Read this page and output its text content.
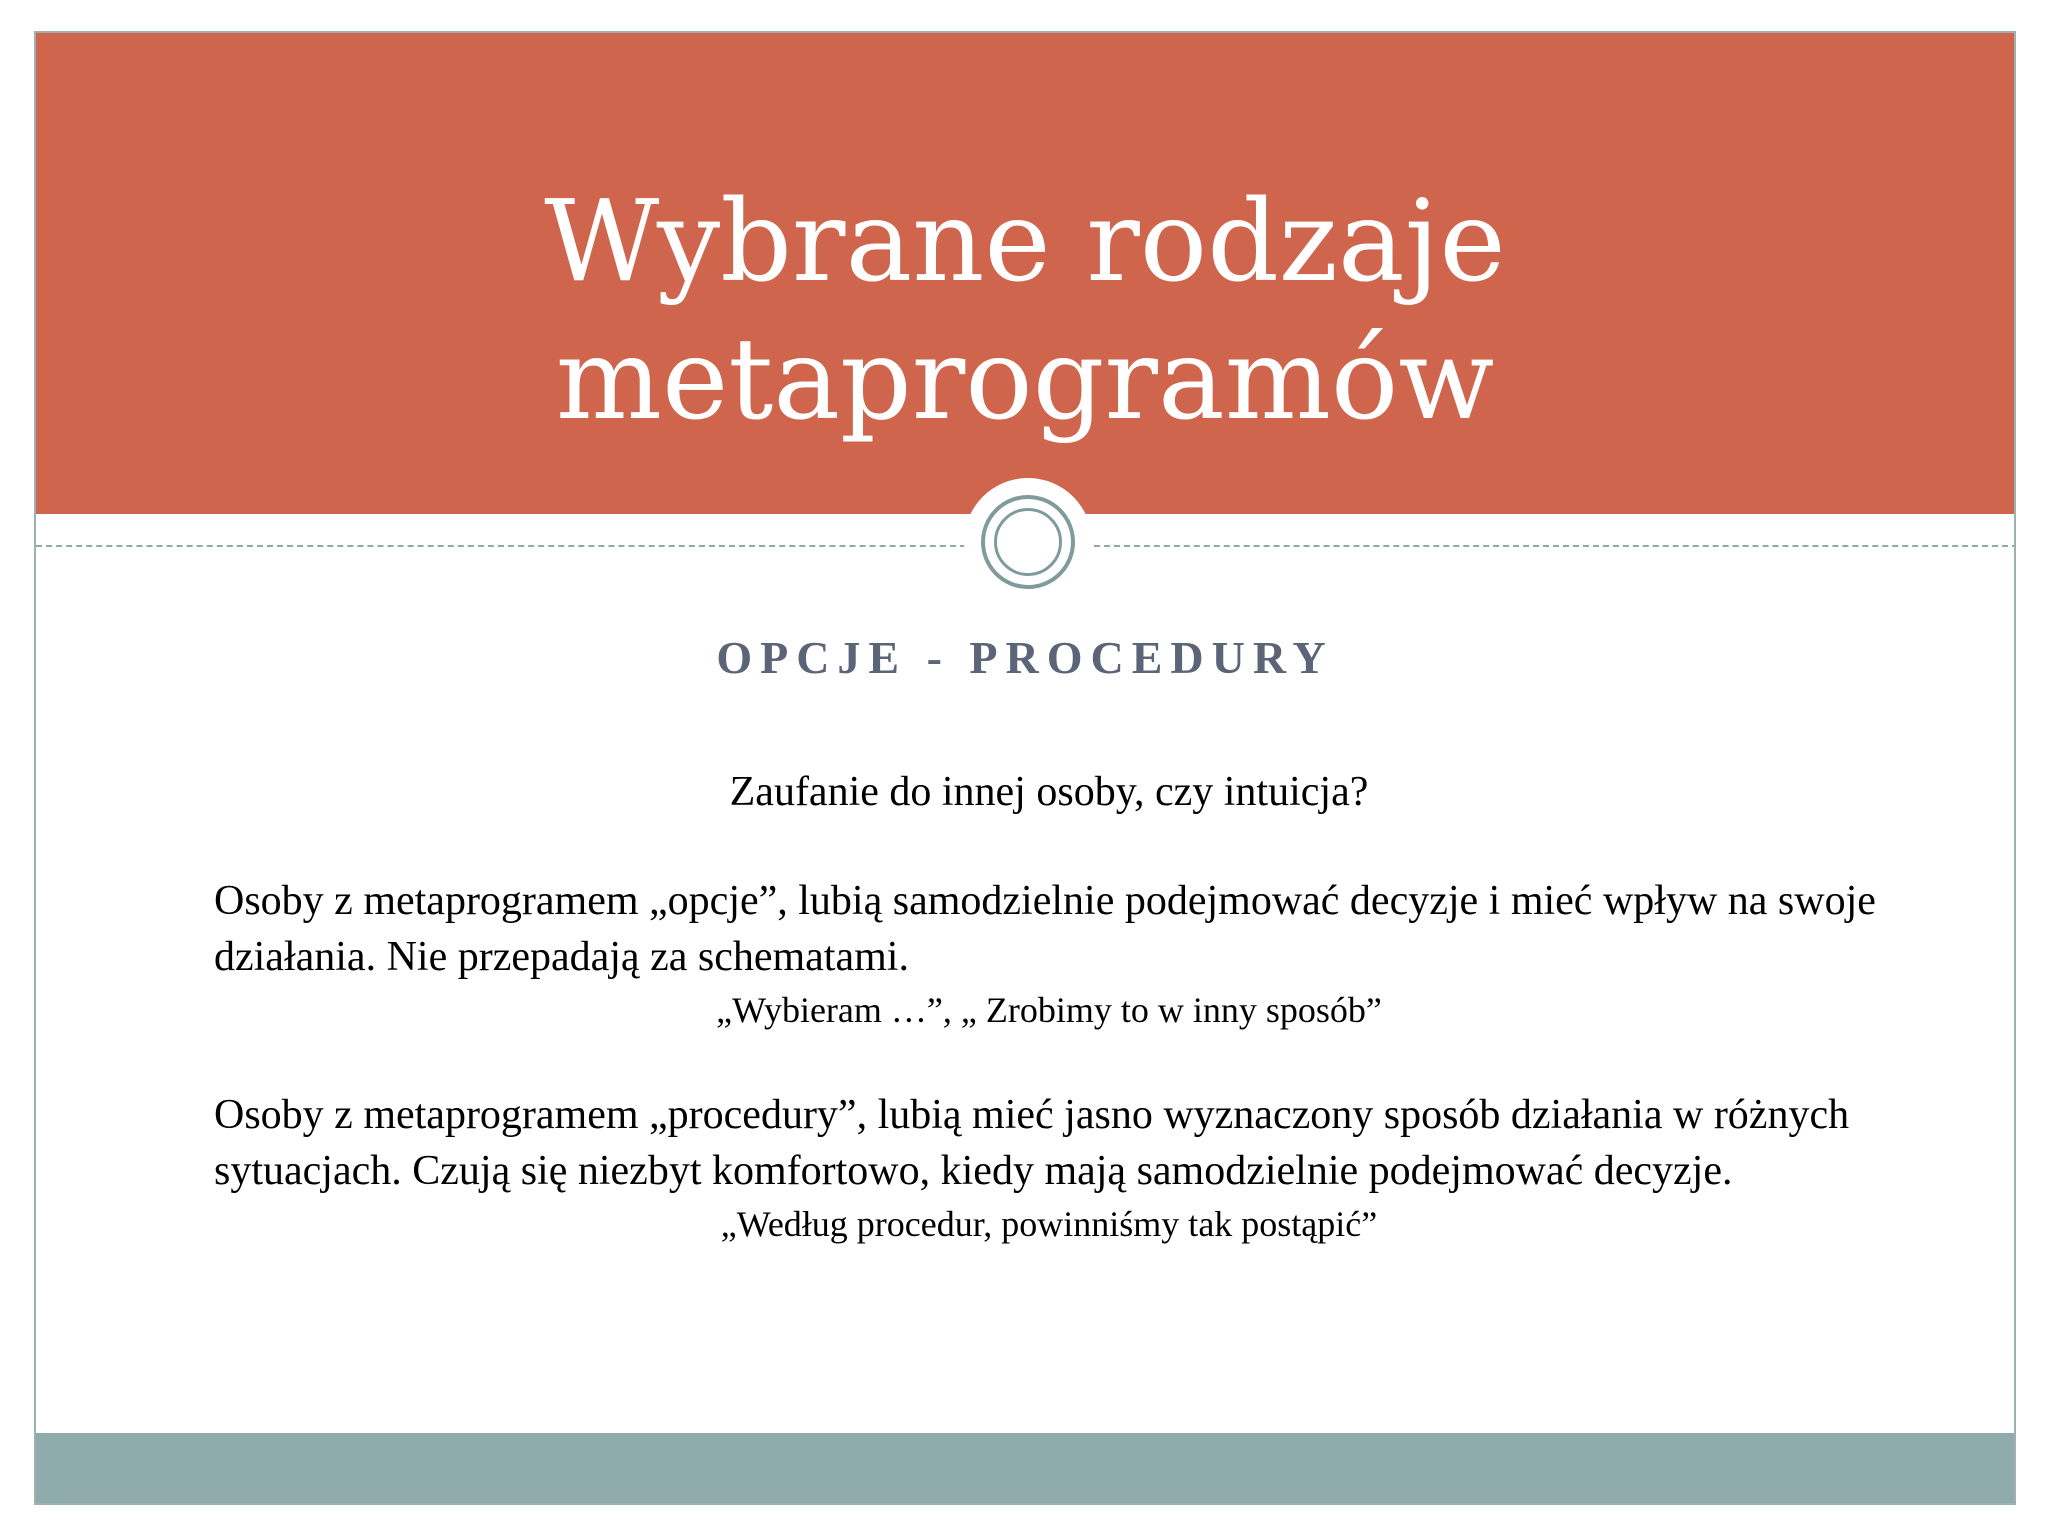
Wybrane rodzaje
metaprogramów
OPCJE - PROCEDURY

Zaufanie do innej osoby, czy intuicja?

Osoby z metaprogramem „opcje”, lubią samodzielnie podejmować decyzje i mieć wpływ na swoje działania. Nie przepadają za schematami.

„Wybieram …”, „ Zrobimy to w inny sposób”

Osoby z metaprogramem „procedury”, lubią mieć jasno wyznaczony sposób działania w różnych sytuacjach. Czują się niezbyt komfortowo, kiedy mają samodzielnie podejmować decyzje.

„Według procedur, powinniśmy tak postąpić”
